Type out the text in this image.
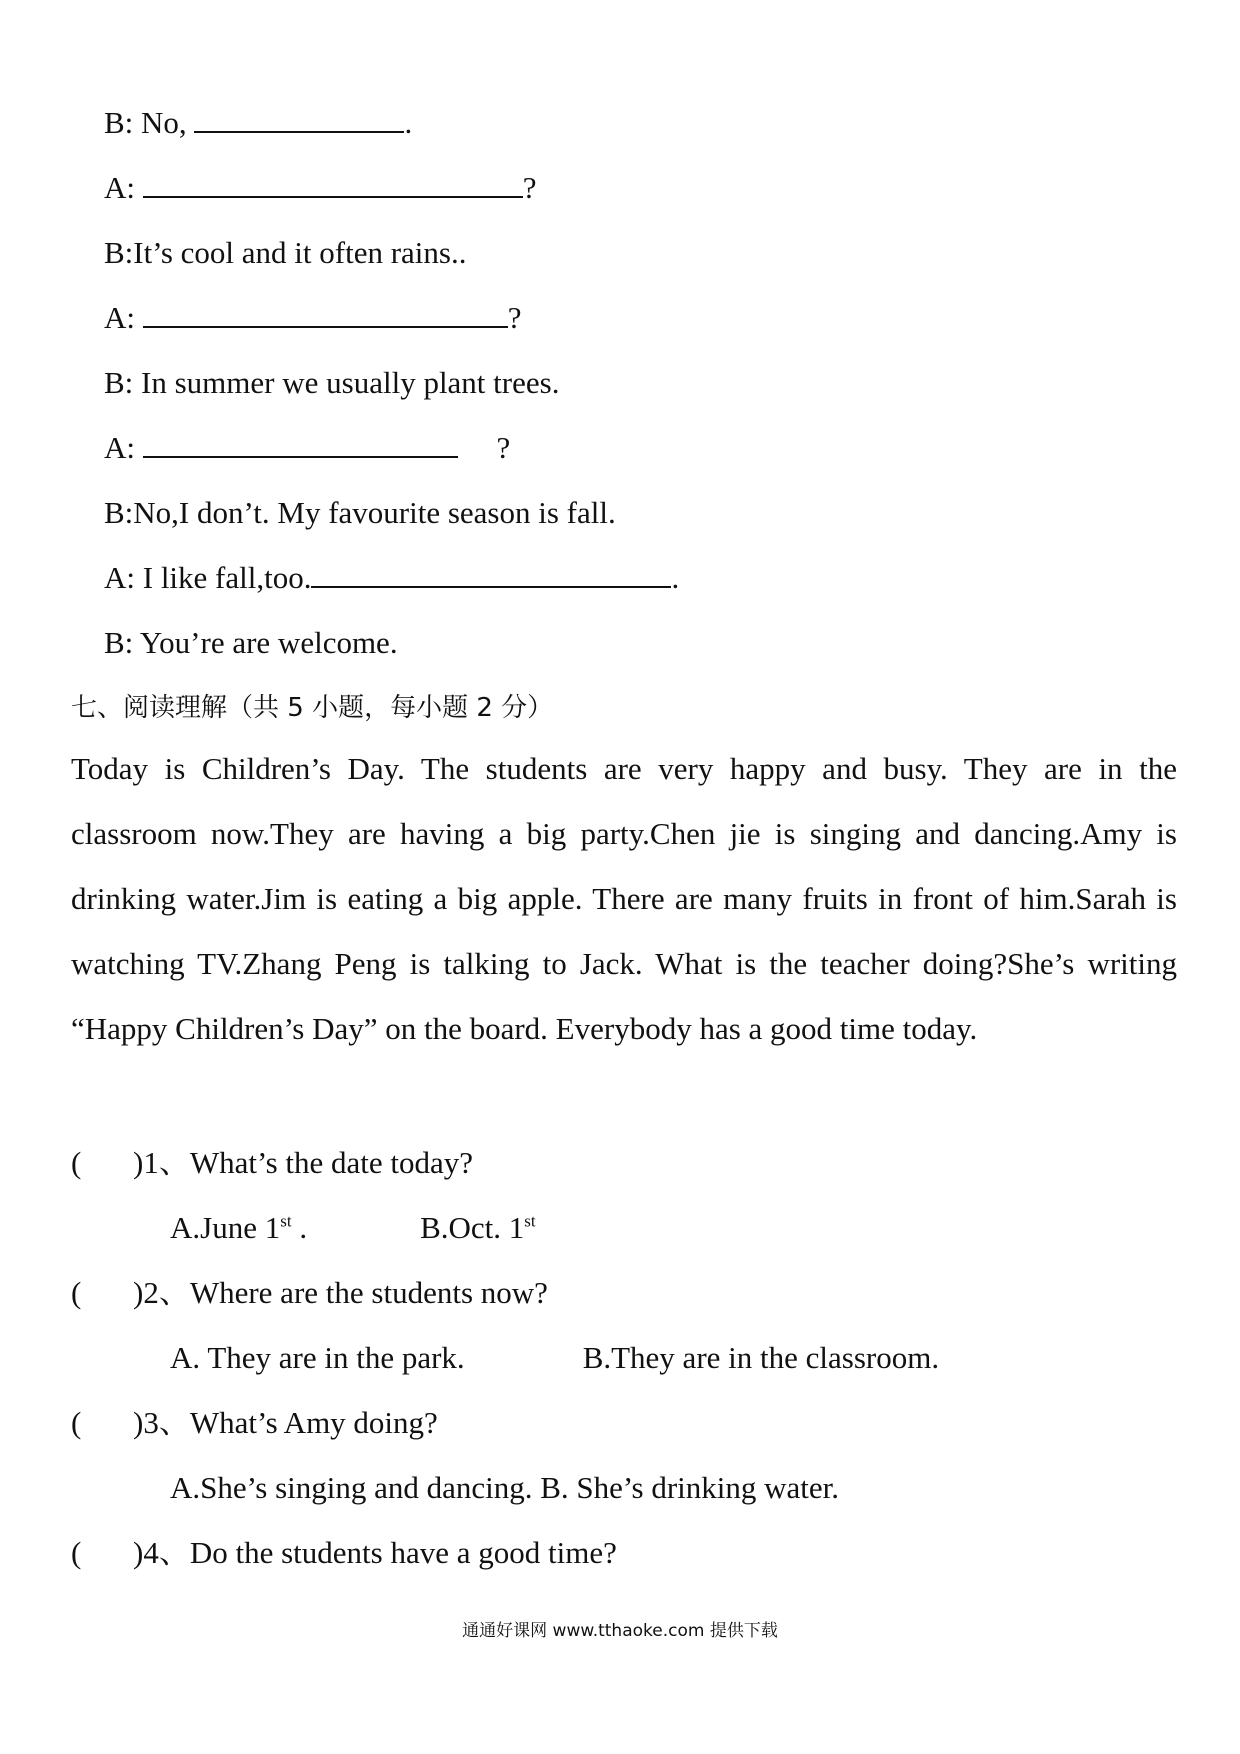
B: No,	.
A:	?
B:It’s cool and it often rains..
A:	?
B: In summer we usually plant trees.
A:	?
B:No,I don’t. My favourite season is fall.
A: I like fall,too.	.
B: You’re are welcome.
七、阅读理解（共 5 小题，每小题 2 分）
Today is Children’s Day. The students are very happy and busy. They are in the classroom now.They are having a big party.Chen jie is singing and dancing.Amy is drinking water.Jim is eating a big apple. There are many fruits in front of him.Sarah is watching TV.Zhang Peng is talking to Jack. What is the teacher doing?She’s writing “Happy Children’s Day” on the board. Everybody has a good time today.
( )1、What’s the date today?
A.June 1st .	B.Oct. 1st
( )2、Where are the students now?
A. They are in the park.	B.They are in the classroom.
( )3、What’s Amy doing?
A.She’s singing and dancing. B. She’s drinking water.
( )4、Do the students have a good time?
通通好课网 www.tthaoke.com 提供下载
